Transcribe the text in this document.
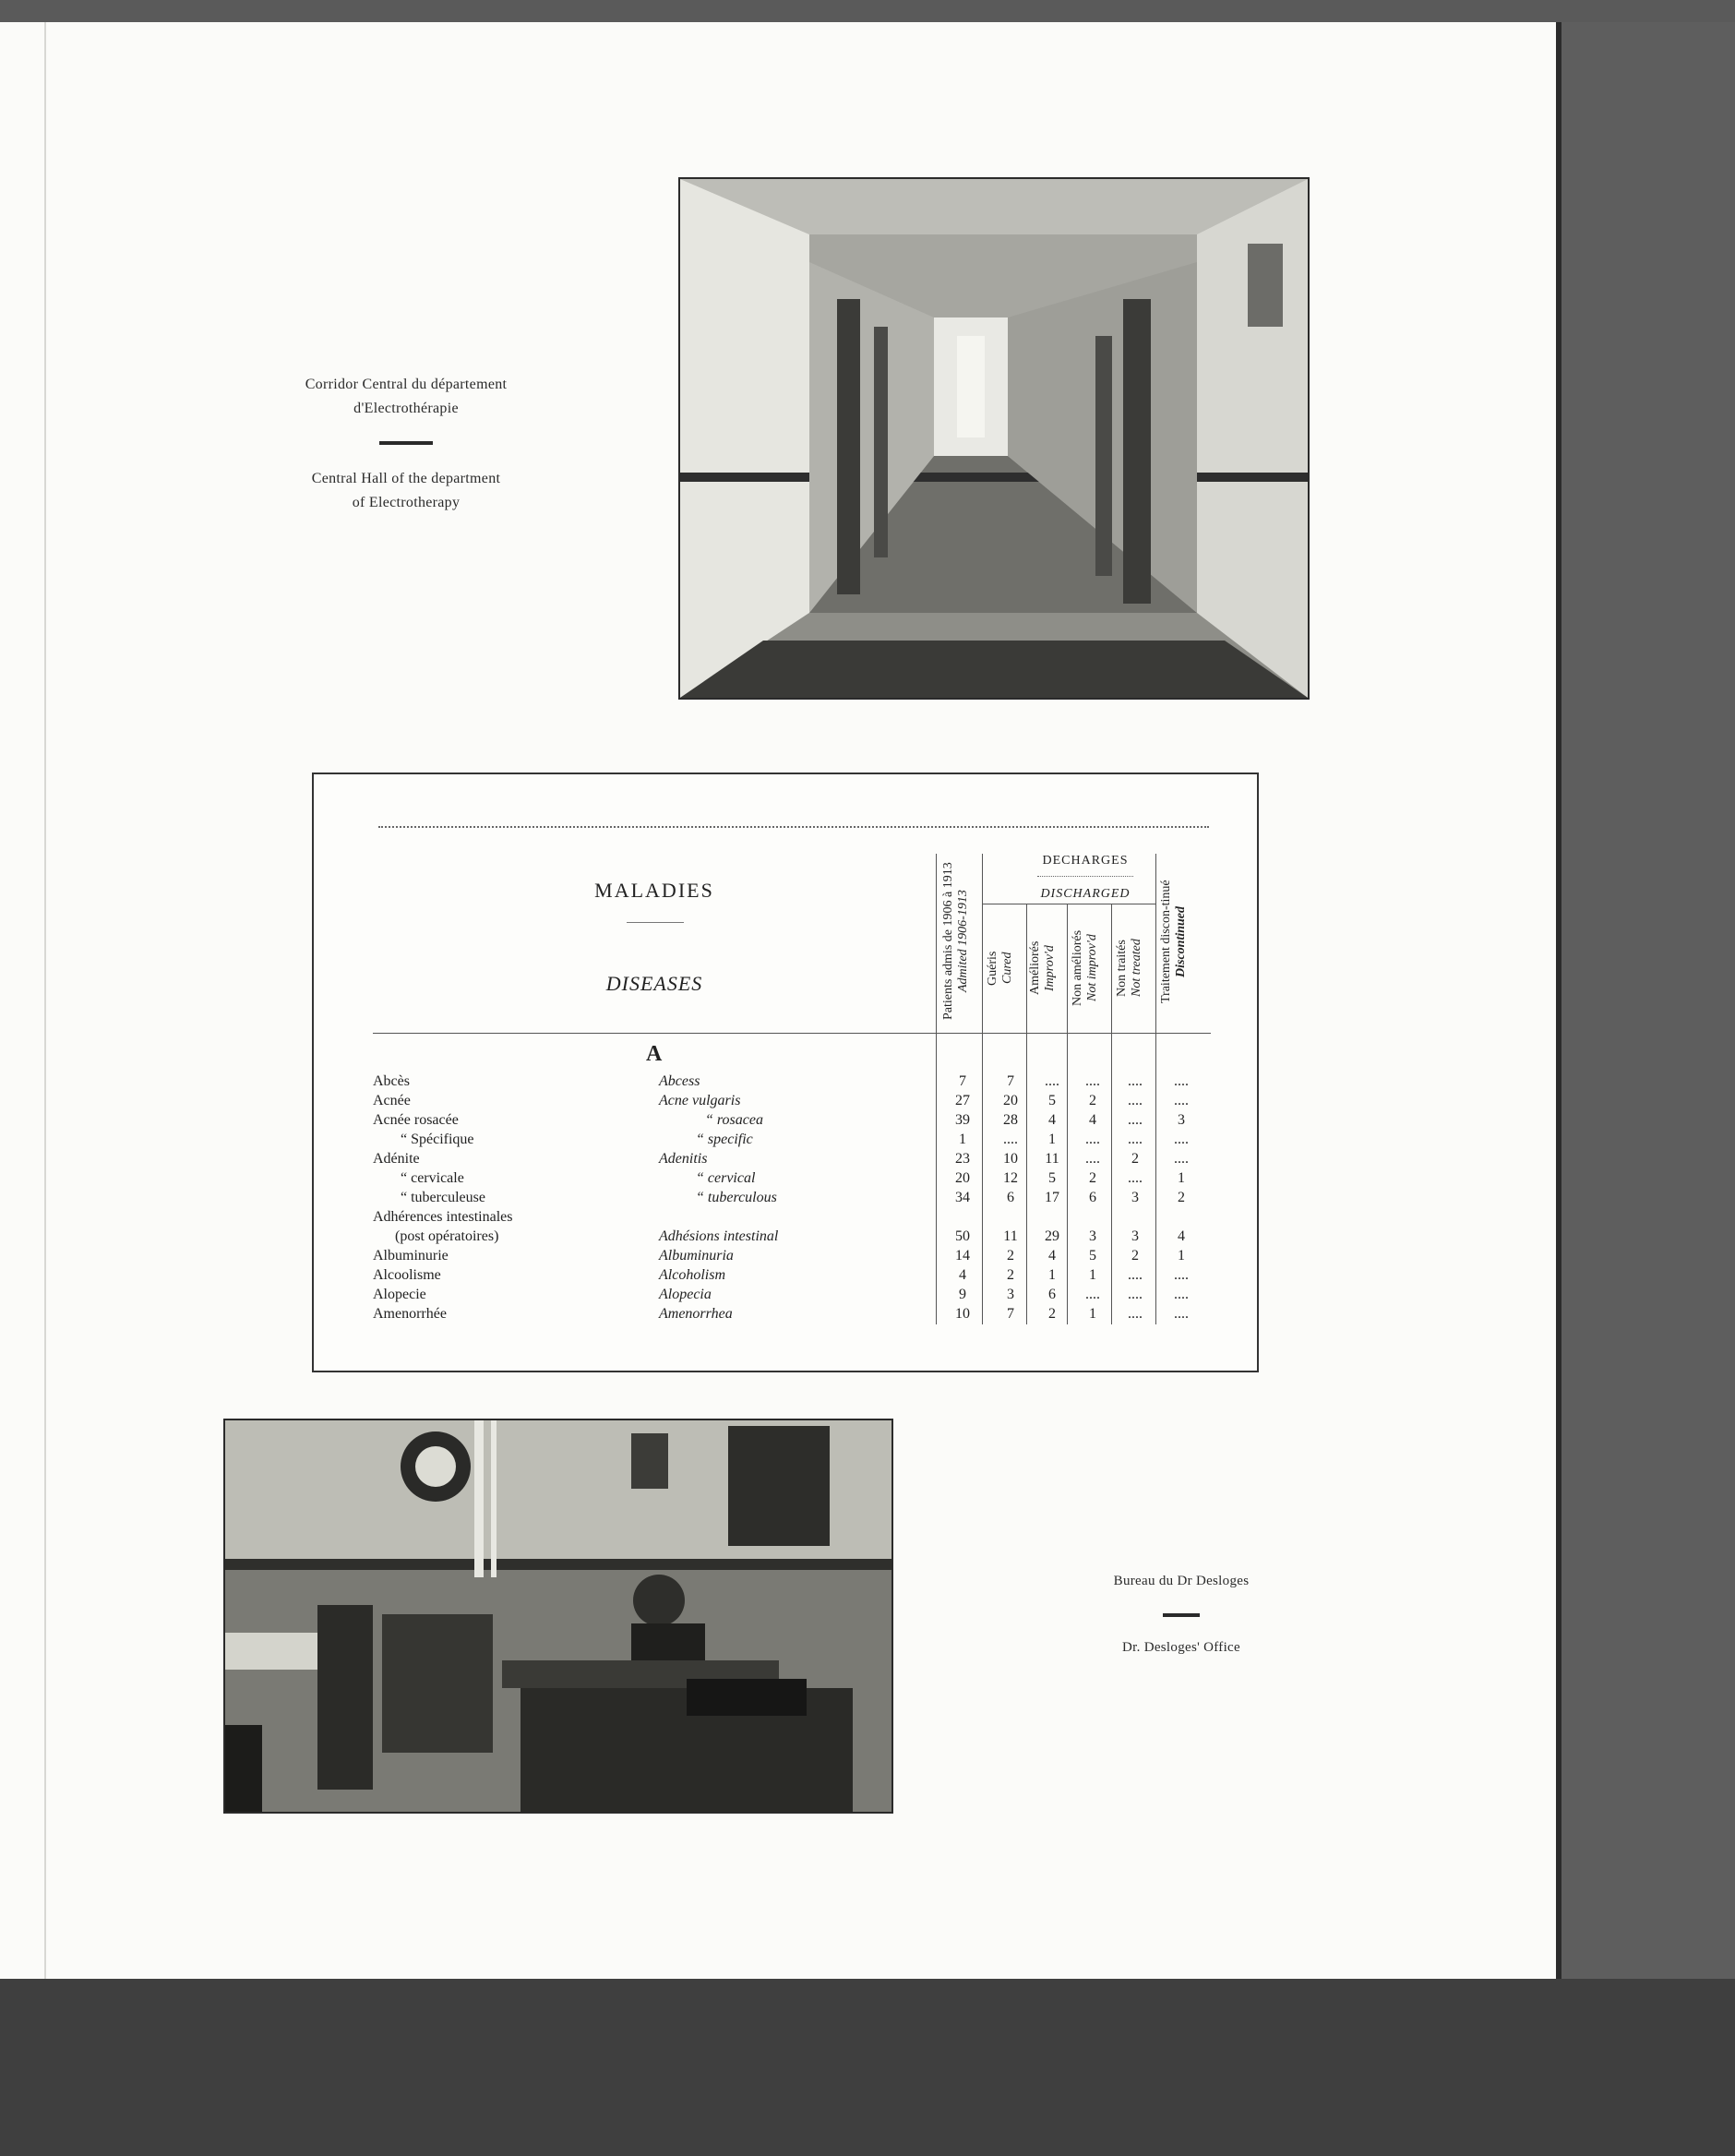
Corridor Central du département

d'Electrothérapie

Central Hall of the department

of Electrotherapy

MALADIES
DISEASES	Patients admis de 1906 à 1913
Admited 1906-1913
DECHARGES
DISCHARGED
Guéris
Cured	Améliorés
Improv'd	Non améliorés
Not improv'd	Non traités
Not treated	Traitement discon-tinué
Discontinued
A
Abcès	Abcess	7	7	....	....	....	....
Acnée	Acne vulgaris	27	20	5	2	....	....
Acnée rosacée	“ rosacea	39	28	4	4	....	3
“ Spécifique	“ specific	1	....	1	....	....	....
Adénite	Adenitis	23	10	11	....	2	....
“ cervicale	“ cervical	20	12	5	2	....	1
“ tuberculeuse	“ tuberculous	34	6	17	6	3	2
Adhérences intestinales
(post opératoires)	Adhésions intestinal	50	11	29	3	3	4
Albuminurie	Albuminuria	14	2	4	5	2	1
Alcoolisme	Alcoholism	4	2	1	1	....	....
Alopecie	Alopecia	9	3	6	....	....	....
Amenorrhée	Amenorrhea	10	7	2	1	....	....

Bureau du Dr Desloges

Dr. Desloges' Office
